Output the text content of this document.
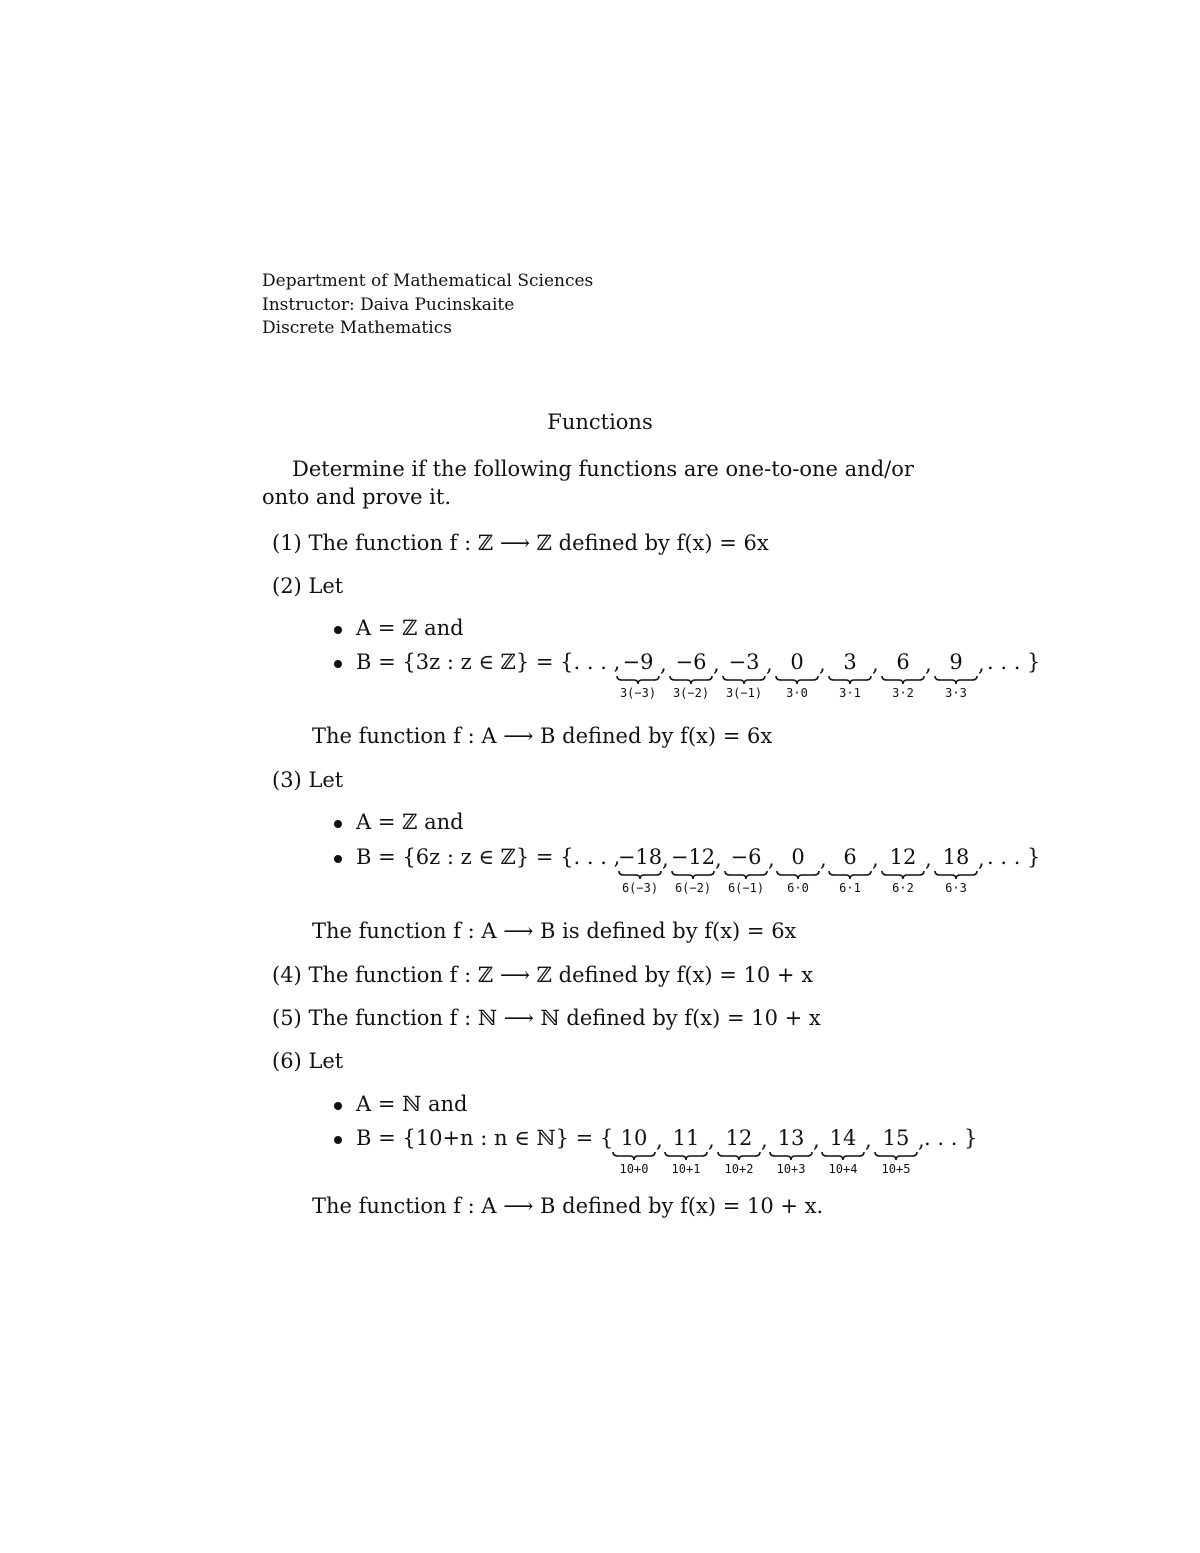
Department of Mathematical Sciences
Instructor: Daiva Pucinskaite
Discrete Mathematics
Functions
Determine if the following functions are one-to-one and/or onto and prove it.
(1) The function f : ℤ ⟶ ℤ defined by f(x) = 6x
(2) Let
A = ℤ and
B = {3z : z ∈ ℤ} = {. . . , −9
3(−3)
, −6
3(−2)
, −3
3(−1)
, 0
3·0
, 3
3·1
, 6
3·2
, 9
3·3
, . . . }
The function f : A ⟶ B defined by f(x) = 6x
(3) Let
A = ℤ and
B = {6z : z ∈ ℤ} = {. . . ,
−18
6(−3)
, −12
6(−2)
, −6
6(−1)
, 0
6·0
, 6
6·1
, 12
6·2
, 18
6·3
, . . . }
The function f : A ⟶ B is defined by f(x) = 6x
(4) The function f : ℤ ⟶ ℤ defined by f(x) = 10 + x
(5) The function f : ℕ ⟶ ℕ defined by f(x) = 10 + x
(6) Let
A = ℕ and
B = {10+n : n ∈ ℕ} = { 10
10+0
, 11
10+1
, 12
10+2
, 13
10+3
, 14
10+4
, 15
10+5
, . . . }
The function f : A ⟶ B defined by f(x) = 10 + x.
